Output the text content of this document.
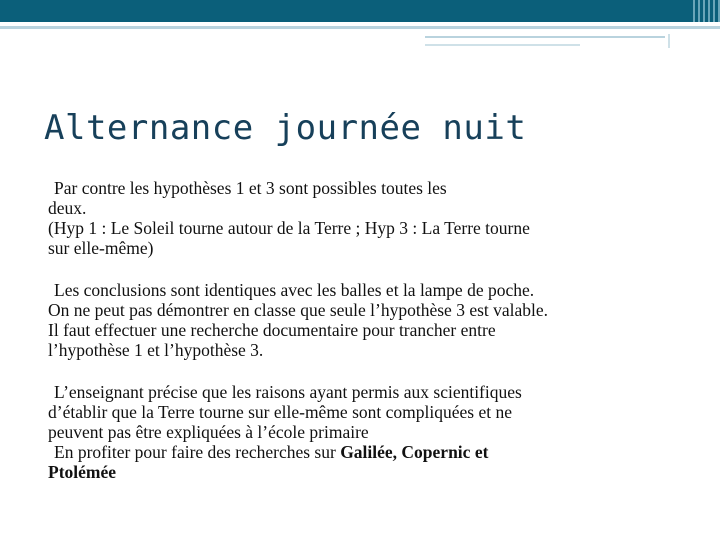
Alternance journée nuit
Par contre les hypothèses 1 et 3 sont possibles toutes les
deux.
(Hyp 1 : Le Soleil tourne autour de la Terre ; Hyp 3 : La Terre tourne
sur elle-même)
Les conclusions sont identiques avec les balles et la lampe de poche.
On ne peut pas démontrer en classe que seule l’hypothèse 3 est valable.
Il faut effectuer une recherche documentaire pour trancher entre
l’hypothèse 1 et l’hypothèse 3.
L’enseignant précise que les raisons ayant permis aux scientifiques
d’établir que la Terre tourne sur elle-même sont compliquées et ne
peuvent pas être expliquées à l’école primaire
En profiter pour faire des recherches sur Galilée, Copernic et
Ptolémée
